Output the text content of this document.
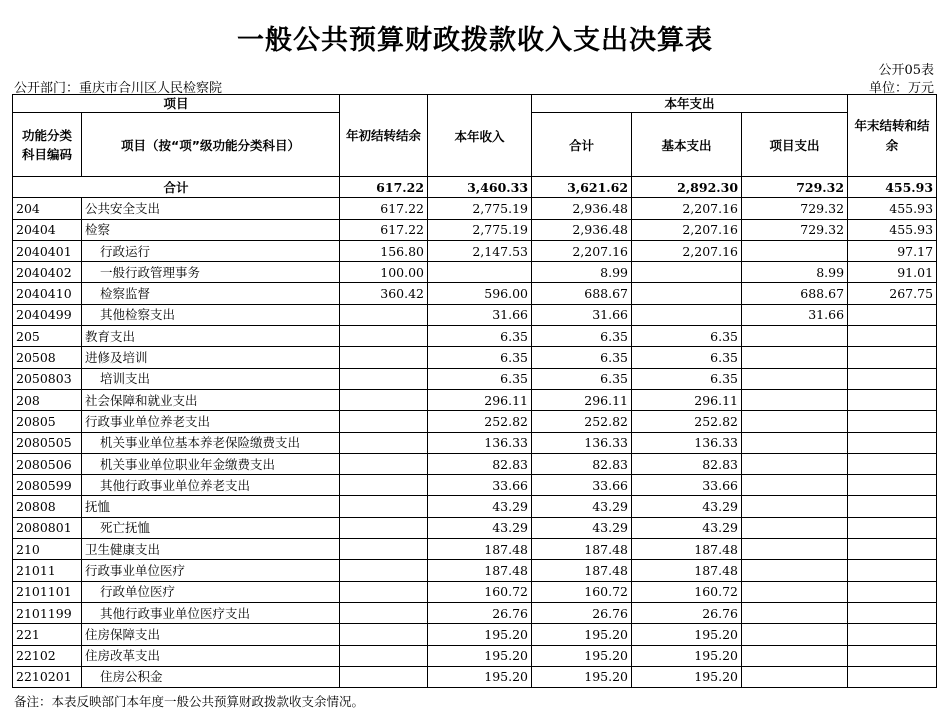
一般公共预算财政拨款收入支出决算表
公开05表
公开部门：重庆市合川区人民检察院	单位：万元
项目		年初结转结余	本年收入	本年支出			年末结转和结余
功能分类科目编码	项目（按“项”级功能分类科目）			合计	基本支出	项目支出	
合计		617.22	3,460.33	3,621.62	2,892.30	729.32	455.93
204	公共安全支出	617.22	2,775.19	2,936.48	2,207.16	729.32	455.93
20404	检察	617.22	2,775.19	2,936.48	2,207.16	729.32	455.93
2040401	行政运行	156.80	2,147.53	2,207.16	2,207.16		97.17
2040402	一般行政管理事务	100.00		8.99		8.99	91.01
2040410	检察监督	360.42	596.00	688.67		688.67	267.75
2040499	其他检察支出		31.66	31.66		31.66	
205	教育支出		6.35	6.35	6.35		
20508	进修及培训		6.35	6.35	6.35		
2050803	培训支出		6.35	6.35	6.35		
208	社会保障和就业支出		296.11	296.11	296.11		
20805	行政事业单位养老支出		252.82	252.82	252.82		
2080505	机关事业单位基本养老保险缴费支出		136.33	136.33	136.33		
2080506	机关事业单位职业年金缴费支出		82.83	82.83	82.83		
2080599	其他行政事业单位养老支出		33.66	33.66	33.66		
20808	抚恤		43.29	43.29	43.29		
2080801	死亡抚恤		43.29	43.29	43.29		
210	卫生健康支出		187.48	187.48	187.48		
21011	行政事业单位医疗		187.48	187.48	187.48		
2101101	行政单位医疗		160.72	160.72	160.72		
2101199	其他行政事业单位医疗支出		26.76	26.76	26.76		
221	住房保障支出		195.20	195.20	195.20		
22102	住房改革支出		195.20	195.20	195.20		
2210201	住房公积金		195.20	195.20	195.20		
备注：本表反映部门本年度一般公共预算财政拨款收支余情况。
